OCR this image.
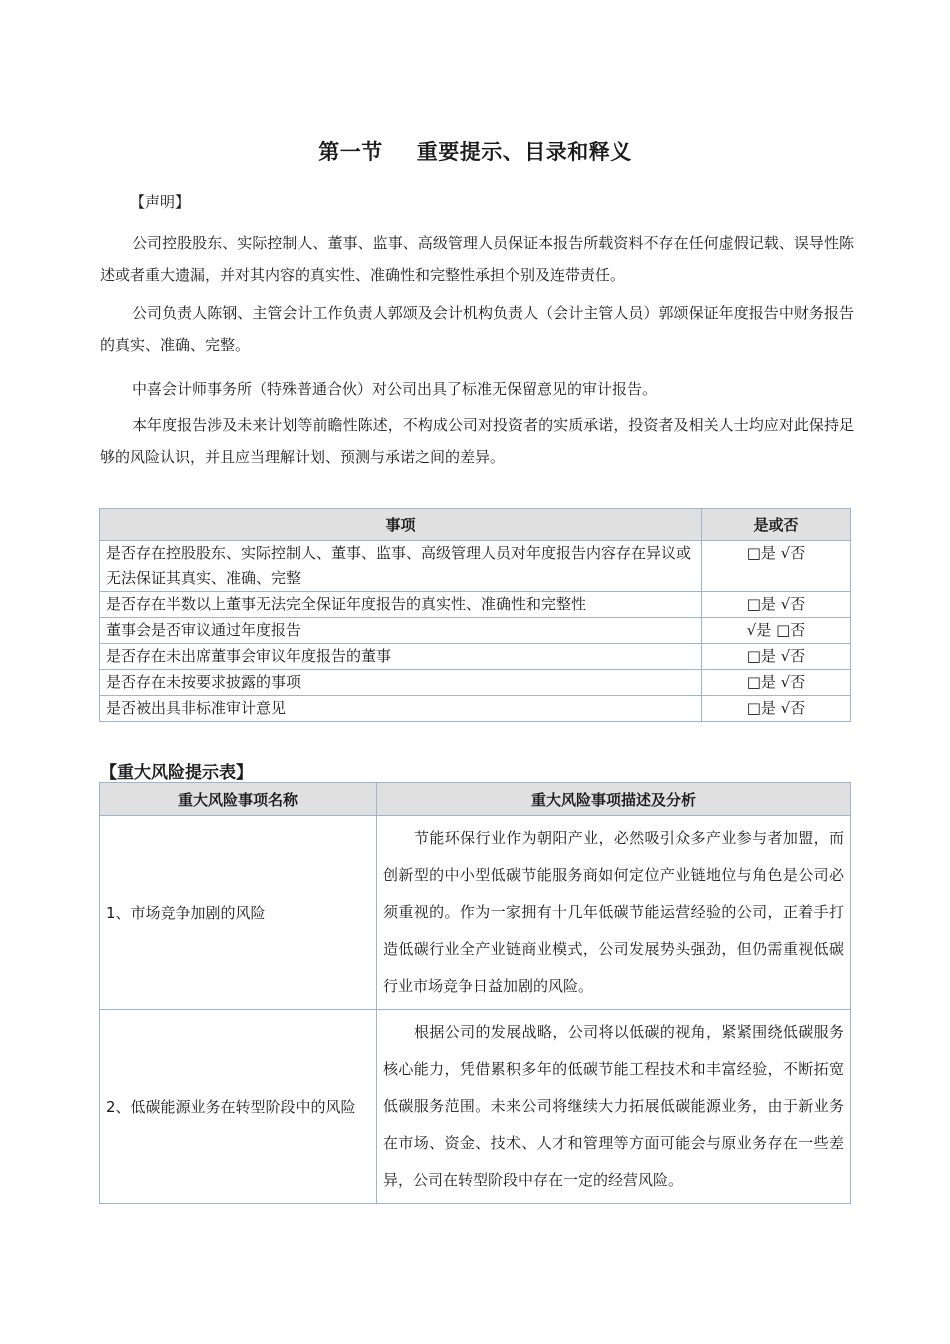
第一节 重要提示、目录和释义
【声明】
公司控股股东、实际控制人、董事、监事、高级管理人员保证本报告所载资料不存在任何虚假记载、误导性陈述或者重大遗漏，并对其内容的真实性、准确性和完整性承担个别及连带责任。
公司负责人陈钢、主管会计工作负责人郭颂及会计机构负责人（会计主管人员）郭颂保证年度报告中财务报告的真实、准确、完整。
中喜会计师事务所（特殊普通合伙）对公司出具了标准无保留意见的审计报告。
本年度报告涉及未来计划等前瞻性陈述，不构成公司对投资者的实质承诺，投资者及相关人士均应对此保持足够的风险认识，并且应当理解计划、预测与承诺之间的差异。
事项	是或否
是否存在控股股东、实际控制人、董事、监事、高级管理人员对年度报告内容存在异议或无法保证其真实、准确、完整	□是 √否
是否存在半数以上董事无法完全保证年度报告的真实性、准确性和完整性	□是 √否
董事会是否审议通过年度报告	√是 □否
是否存在未出席董事会审议年度报告的董事	□是 √否
是否存在未按要求披露的事项	□是 √否
是否被出具非标准审计意见	□是 √否
【重大风险提示表】
重大风险事项名称	重大风险事项描述及分析
1、市场竞争加剧的风险	节能环保行业作为朝阳产业，必然吸引众多产业参与者加盟，而创新型的中小型低碳节能服务商如何定位产业链地位与角色是公司必须重视的。作为一家拥有十几年低碳节能运营经验的公司，正着手打造低碳行业全产业链商业模式，公司发展势头强劲，但仍需重视低碳行业市场竞争日益加剧的风险。
2、低碳能源业务在转型阶段中的风险	根据公司的发展战略，公司将以低碳的视角，紧紧围绕低碳服务核心能力，凭借累积多年的低碳节能工程技术和丰富经验，不断拓宽低碳服务范围。未来公司将继续大力拓展低碳能源业务，由于新业务在市场、资金、技术、人才和管理等方面可能会与原业务存在一些差异，公司在转型阶段中存在一定的经营风险。
